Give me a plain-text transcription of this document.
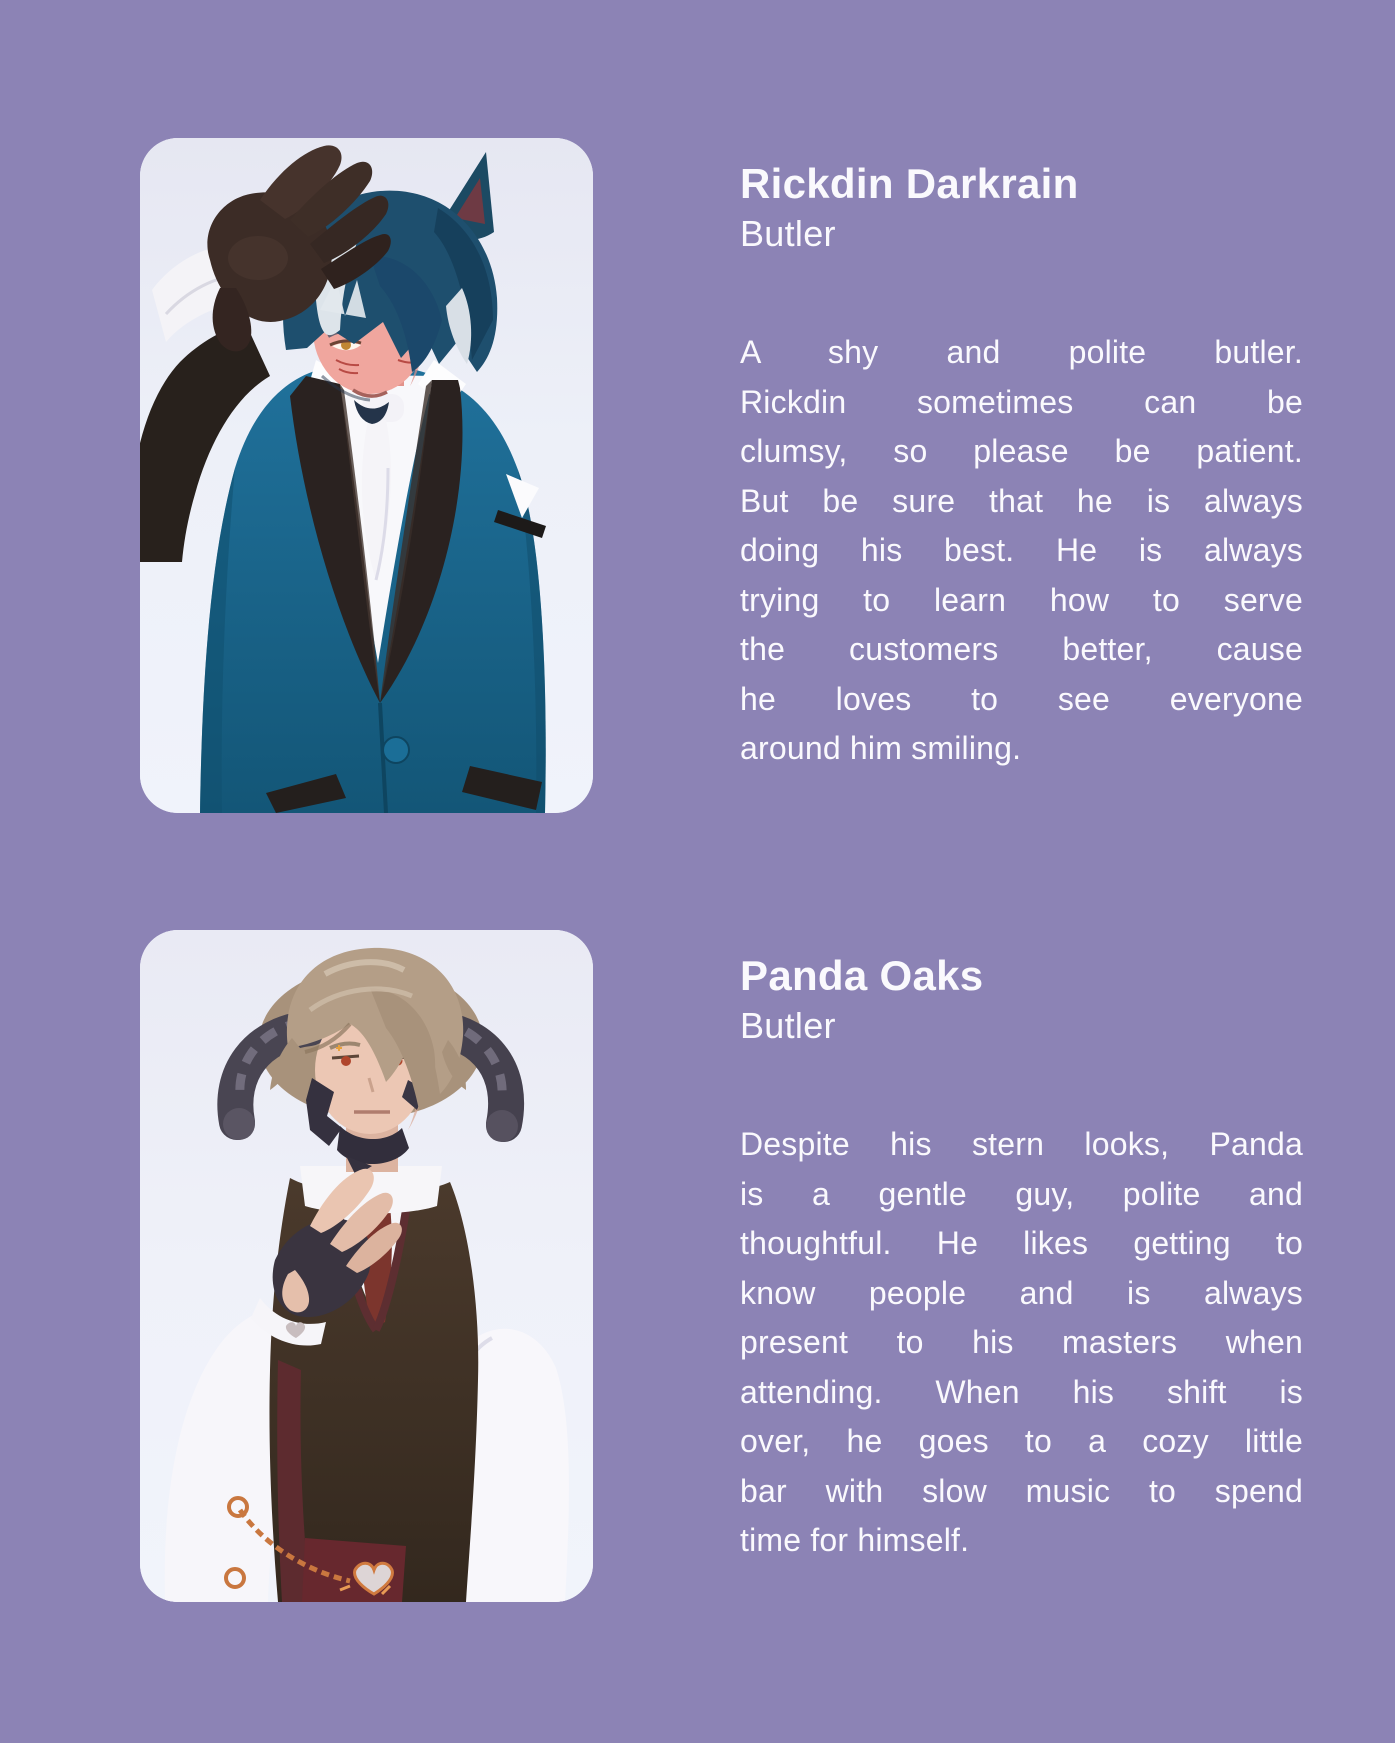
Rickdin Darkrain
Butler
A shy and polite butler.
Rickdin sometimes can be
clumsy, so please be patient.
But be sure that he is always
doing his best. He is always
trying to learn how to serve
the customers better, cause
he loves to see everyone
around him smiling.
Panda Oaks
Butler
Despite his stern looks, Panda
is a gentle guy, polite and
thoughtful. He likes getting to
know people and is always
present to his masters when
attending. When his shift is
over, he goes to a cozy little
bar with slow music to spend
time for himself.
